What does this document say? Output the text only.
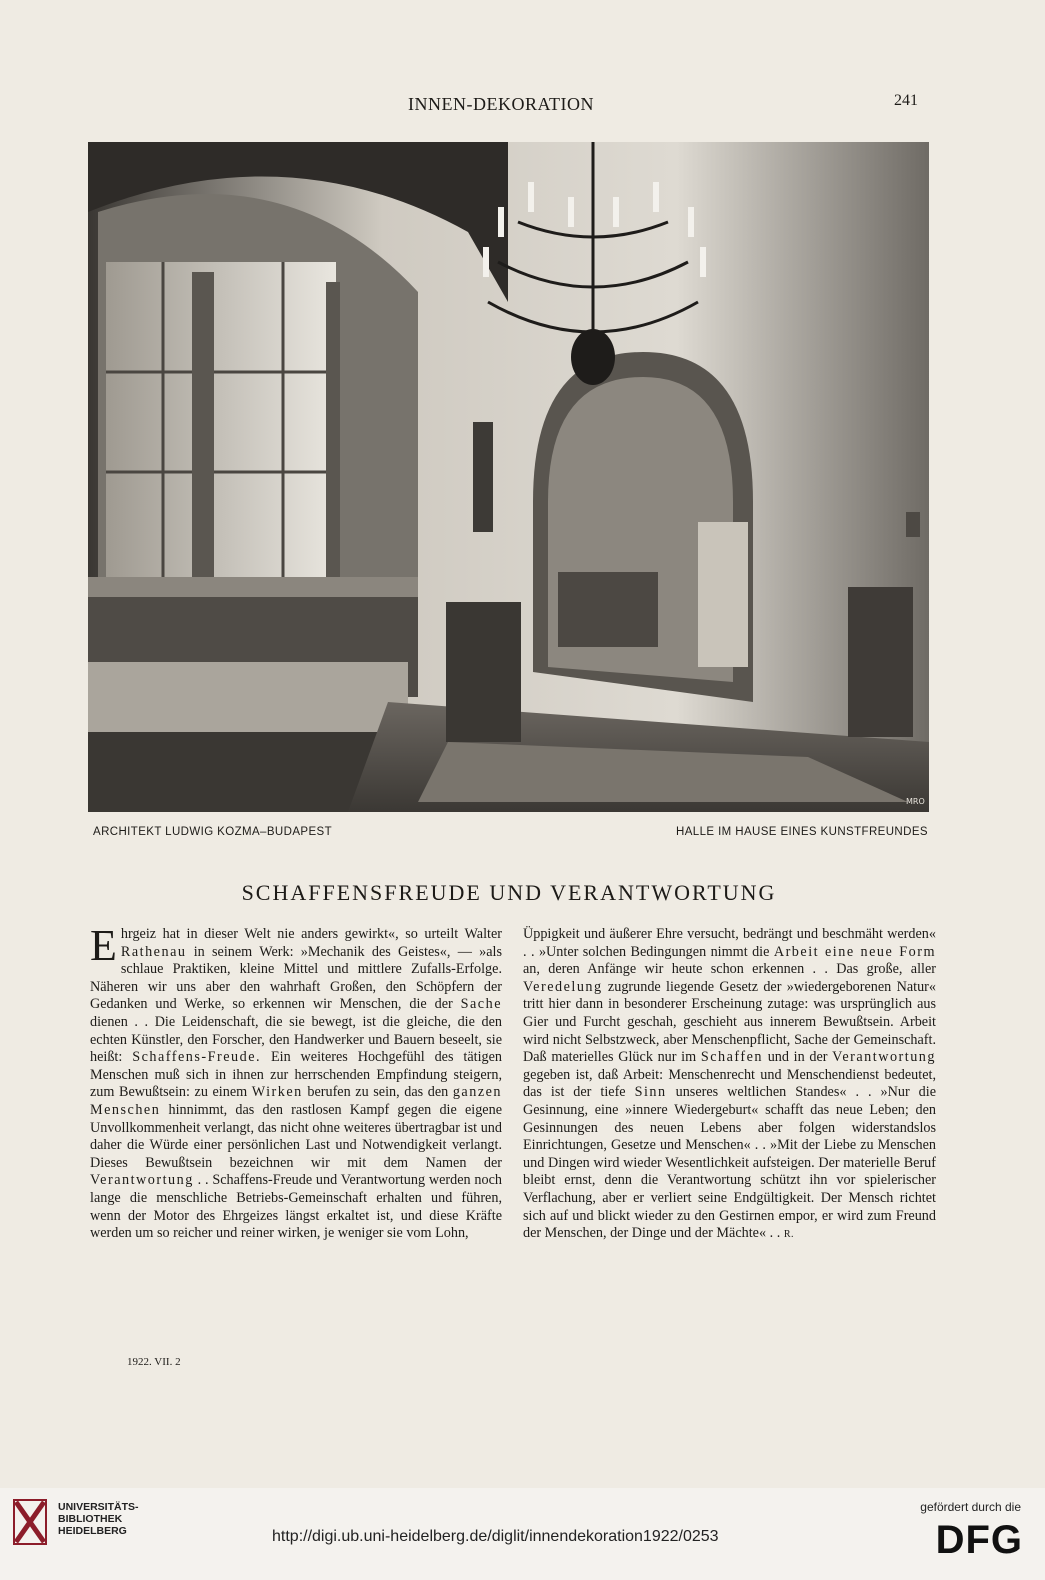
INNEN-DEKORATION	241
MRO
ARCHITEKT LUDWIG KOZMA–BUDAPEST	HALLE IM HAUSE EINES KUNSTFREUNDES
SCHAFFENSFREUDE UND VERANTWORTUNG

Ehrgeiz hat in dieser Welt nie anders gewirkt«, so urteilt Walter Rathenau in seinem Werk: »Mechanik des Geistes«, — »als schlaue Praktiken, kleine Mittel und mittlere Zufalls-Erfolge. Näheren wir uns aber den wahrhaft Großen, den Schöpfern der Gedanken und Werke, so erkennen wir Menschen, die der Sache dienen . . Die Leidenschaft, die sie bewegt, ist die gleiche, die den echten Künstler, den Forscher, den Handwerker und Bauern beseelt, sie heißt: Schaffens-Freude. Ein weiteres Hochgefühl des tätigen Menschen muß sich in ihnen zur herrschenden Empfindung steigern, zum Bewußtsein: zu einem Wirken berufen zu sein, das den ganzen Menschen hinnimmt, das den rastlosen Kampf gegen die eigene Unvollkommenheit verlangt, das nicht ohne weiteres übertragbar ist und daher die Würde einer persönlichen Last und Notwendigkeit verlangt. Dieses Bewußtsein bezeichnen wir mit dem Namen der Verantwortung . . Schaffens-Freude und Verantwortung werden noch lange die menschliche Betriebs-Gemeinschaft erhalten und führen, wenn der Motor des Ehrgeizes längst erkaltet ist, und diese Kräfte werden um so reicher und reiner wirken, je weniger sie vom Lohn,

Üppigkeit und äußerer Ehre versucht, bedrängt und beschmäht werden« . . »Unter solchen Bedingungen nimmt die Arbeit eine neue Form an, deren Anfänge wir heute schon erkennen . . Das große, aller Veredelung zugrunde liegende Gesetz der »wiedergeborenen Natur« tritt hier dann in besonderer Erscheinung zutage: was ursprünglich aus Gier und Furcht geschah, geschieht aus innerem Bewußtsein. Arbeit wird nicht Selbstzweck, aber Menschenpflicht, Sache der Gemeinschaft. Daß materielles Glück nur im Schaffen und in der Verantwortung gegeben ist, daß Arbeit: Menschenrecht und Menschendienst bedeutet, das ist der tiefe Sinn unseres weltlichen Standes« . . »Nur die Gesinnung, eine »innere Wiedergeburt« schafft das neue Leben; den Gesinnungen des neuen Lebens aber folgen widerstandslos Einrichtungen, Gesetze und Menschen« . . »Mit der Liebe zu Menschen und Dingen wird wieder Wesentlichkeit aufsteigen. Der materielle Beruf bleibt ernst, denn die Verantwortung schützt ihn vor spielerischer Verflachung, aber er verliert seine Endgültigkeit. Der Mensch richtet sich auf und blickt wieder zu den Gestirnen empor, er wird zum Freund der Menschen, der Dinge und der Mächte« . . R.

1922. VII. 2
UNIVERSITÄTS-
BIBLIOTHEK
HEIDELBERG	http://digi.ub.uni-heidelberg.de/diglit/innendekoration1922/0253
gefördert durch die
DFG
